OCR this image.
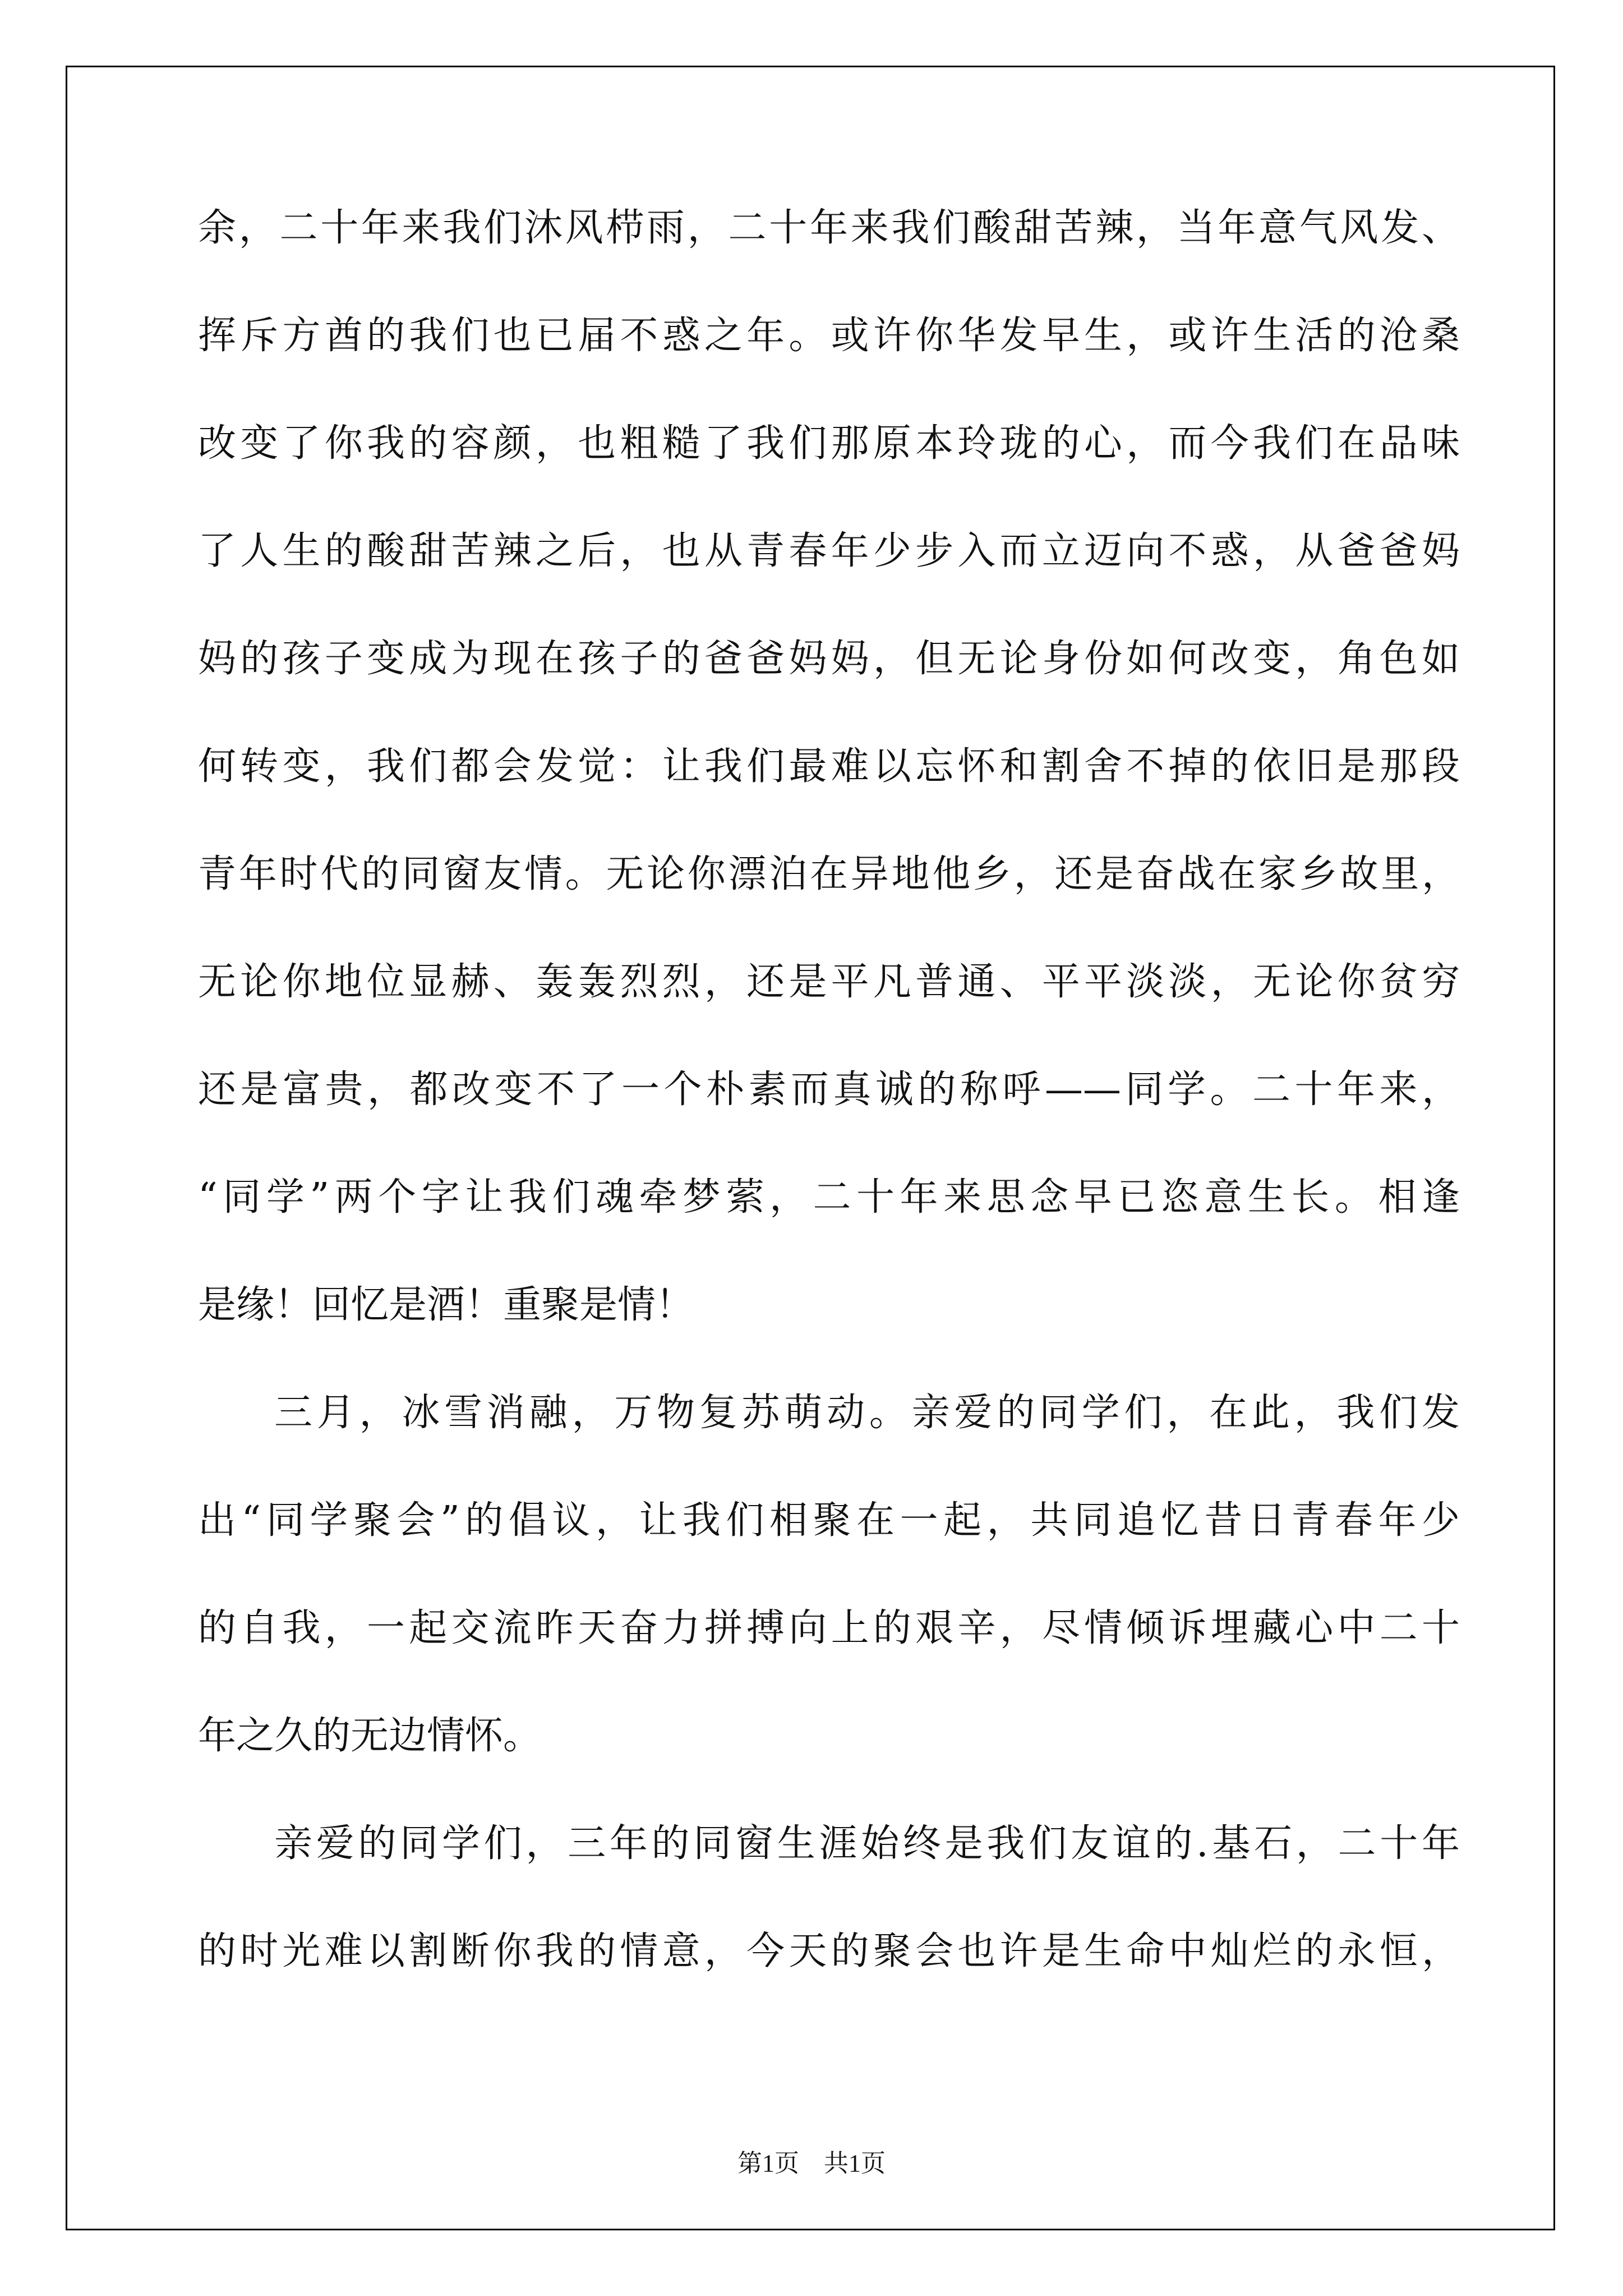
余，二十年来我们沐风栉雨，二十年来我们酸甜苦辣，当年意气风发、
挥斥方酋的我们也已届不惑之年。或许你华发早生，或许生活的沧桑
改变了你我的容颜，也粗糙了我们那原本玲珑的心，而今我们在品味
了人生的酸甜苦辣之后，也从青春年少步入而立迈向不惑，从爸爸妈
妈的孩子变成为现在孩子的爸爸妈妈，但无论身份如何改变，角色如
何转变，我们都会发觉：让我们最难以忘怀和割舍不掉的依旧是那段
青年时代的同窗友情。无论你漂泊在异地他乡，还是奋战在家乡故里，
无论你地位显赫、轰轰烈烈，还是平凡普通、平平淡淡，无论你贫穷
还是富贵，都改变不了一个朴素而真诚的称呼——同学。二十年来，
“同学”两个字让我们魂牵梦萦，二十年来思念早已恣意生长。相逢
是缘！回忆是酒！重聚是情！
三月，冰雪消融，万物复苏萌动。亲爱的同学们，在此，我们发
出“同学聚会”的倡议，让我们相聚在一起，共同追忆昔日青春年少
的自我，一起交流昨天奋力拼搏向上的艰辛，尽情倾诉埋藏心中二十
年之久的无边情怀。
亲爱的同学们，三年的同窗生涯始终是我们友谊的.基石，二十年
的时光难以割断你我的情意，今天的聚会也许是生命中灿烂的永恒，
第1页    共1页
